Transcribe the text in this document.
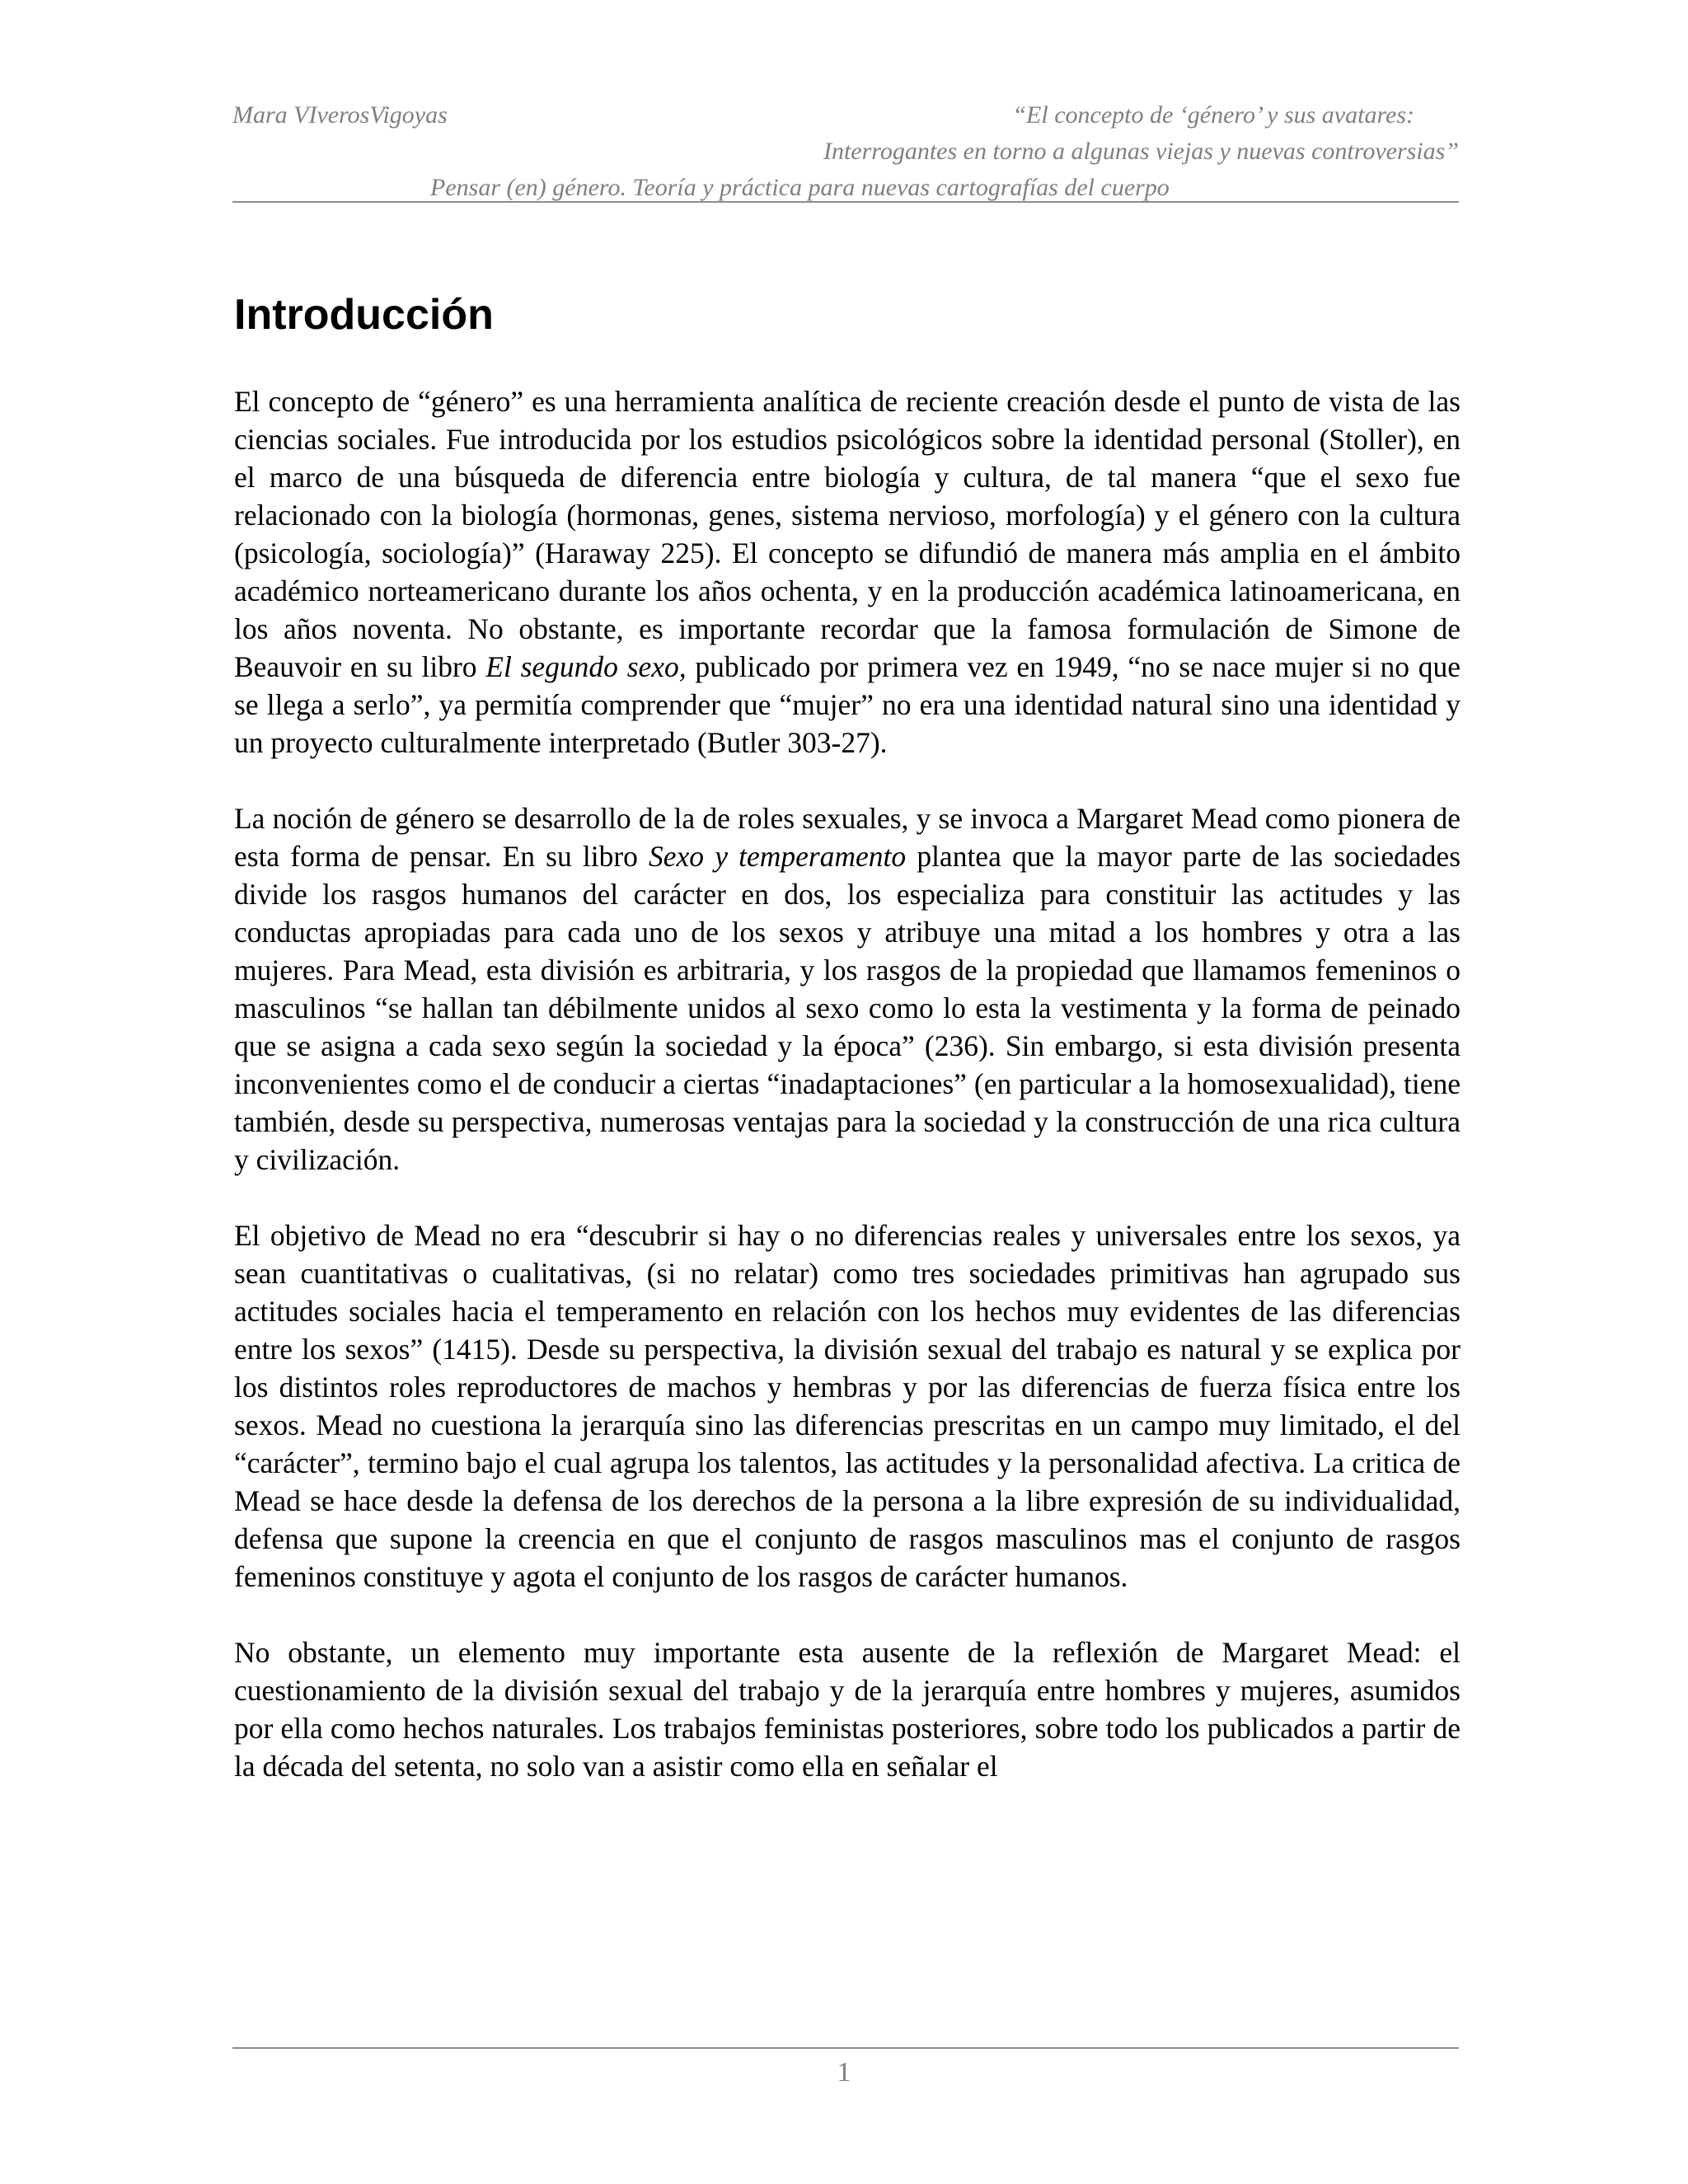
Mara VIverosVigoyas	“El concepto de ‘género’ y sus avatares:
Interrogantes en torno a algunas viejas y nuevas controversias”
Pensar (en) género. Teoría y práctica para nuevas cartografías del cuerpo
Introducción

El concepto de “género” es una herramienta analítica de reciente creación desde el punto de vista de las ciencias sociales. Fue introducida por los estudios psicológicos sobre la identidad personal (Stoller), en el marco de una búsqueda de diferencia entre biología y cultura, de tal manera “que el sexo fue relacionado con la biología (hormonas, genes, sistema nervioso, morfología) y el género con la cultura (psicología, sociología)” (Haraway 225). El concepto se difundió de manera más amplia en el ámbito académico norteamericano durante los años ochenta, y en la producción académica latinoamericana, en los años noventa. No obstante, es importante recordar que la famosa formulación de Simone de Beauvoir en su libro El segundo sexo, publicado por primera vez en 1949, “no se nace mujer si no que se llega a serlo”, ya permitía comprender que “mujer” no era una identidad natural sino una identidad y un proyecto culturalmente interpretado (Butler 303-27).

La noción de género se desarrollo de la de roles sexuales, y se invoca a Margaret Mead como pionera de esta forma de pensar. En su libro Sexo y temperamento plantea que la mayor parte de las sociedades divide los rasgos humanos del carácter en dos, los especializa para constituir las actitudes y las conductas apropiadas para cada uno de los sexos y atribuye una mitad a los hombres y otra a las mujeres. Para Mead, esta división es arbitraria, y los rasgos de la propiedad que llamamos femeninos o masculinos “se hallan tan débilmente unidos al sexo como lo esta la vestimenta y la forma de peinado que se asigna a cada sexo según la sociedad y la época” (236). Sin embargo, si esta división presenta inconvenientes como el de conducir a ciertas “inadaptaciones” (en particular a la homosexualidad), tiene también, desde su perspectiva, numerosas ventajas para la sociedad y la construcción de una rica cultura y civilización.

El objetivo de Mead no era “descubrir si hay o no diferencias reales y universales entre los sexos, ya sean cuantitativas o cualitativas, (si no relatar) como tres sociedades primitivas han agrupado sus actitudes sociales hacia el temperamento en relación con los hechos muy evidentes de las diferencias entre los sexos” (1415). Desde su perspectiva, la división sexual del trabajo es natural y se explica por los distintos roles reproductores de machos y hembras y por las diferencias de fuerza física entre los sexos. Mead no cuestiona la jerarquía sino las diferencias prescritas en un campo muy limitado, el del “carácter”, termino bajo el cual agrupa los talentos, las actitudes y la personalidad afectiva. La critica de Mead se hace desde la defensa de los derechos de la persona a la libre expresión de su individualidad, defensa que supone la creencia en que el conjunto de rasgos masculinos mas el conjunto de rasgos femeninos constituye y agota el conjunto de los rasgos de carácter humanos.

No obstante, un elemento muy importante esta ausente de la reflexión de Margaret Mead: el cuestionamiento de la división sexual del trabajo y de la jerarquía entre hombres y mujeres, asumidos por ella como hechos naturales. Los trabajos feministas posteriores, sobre todo los publicados a partir de la década del setenta, no solo van a asistir como ella en señalar el

1
